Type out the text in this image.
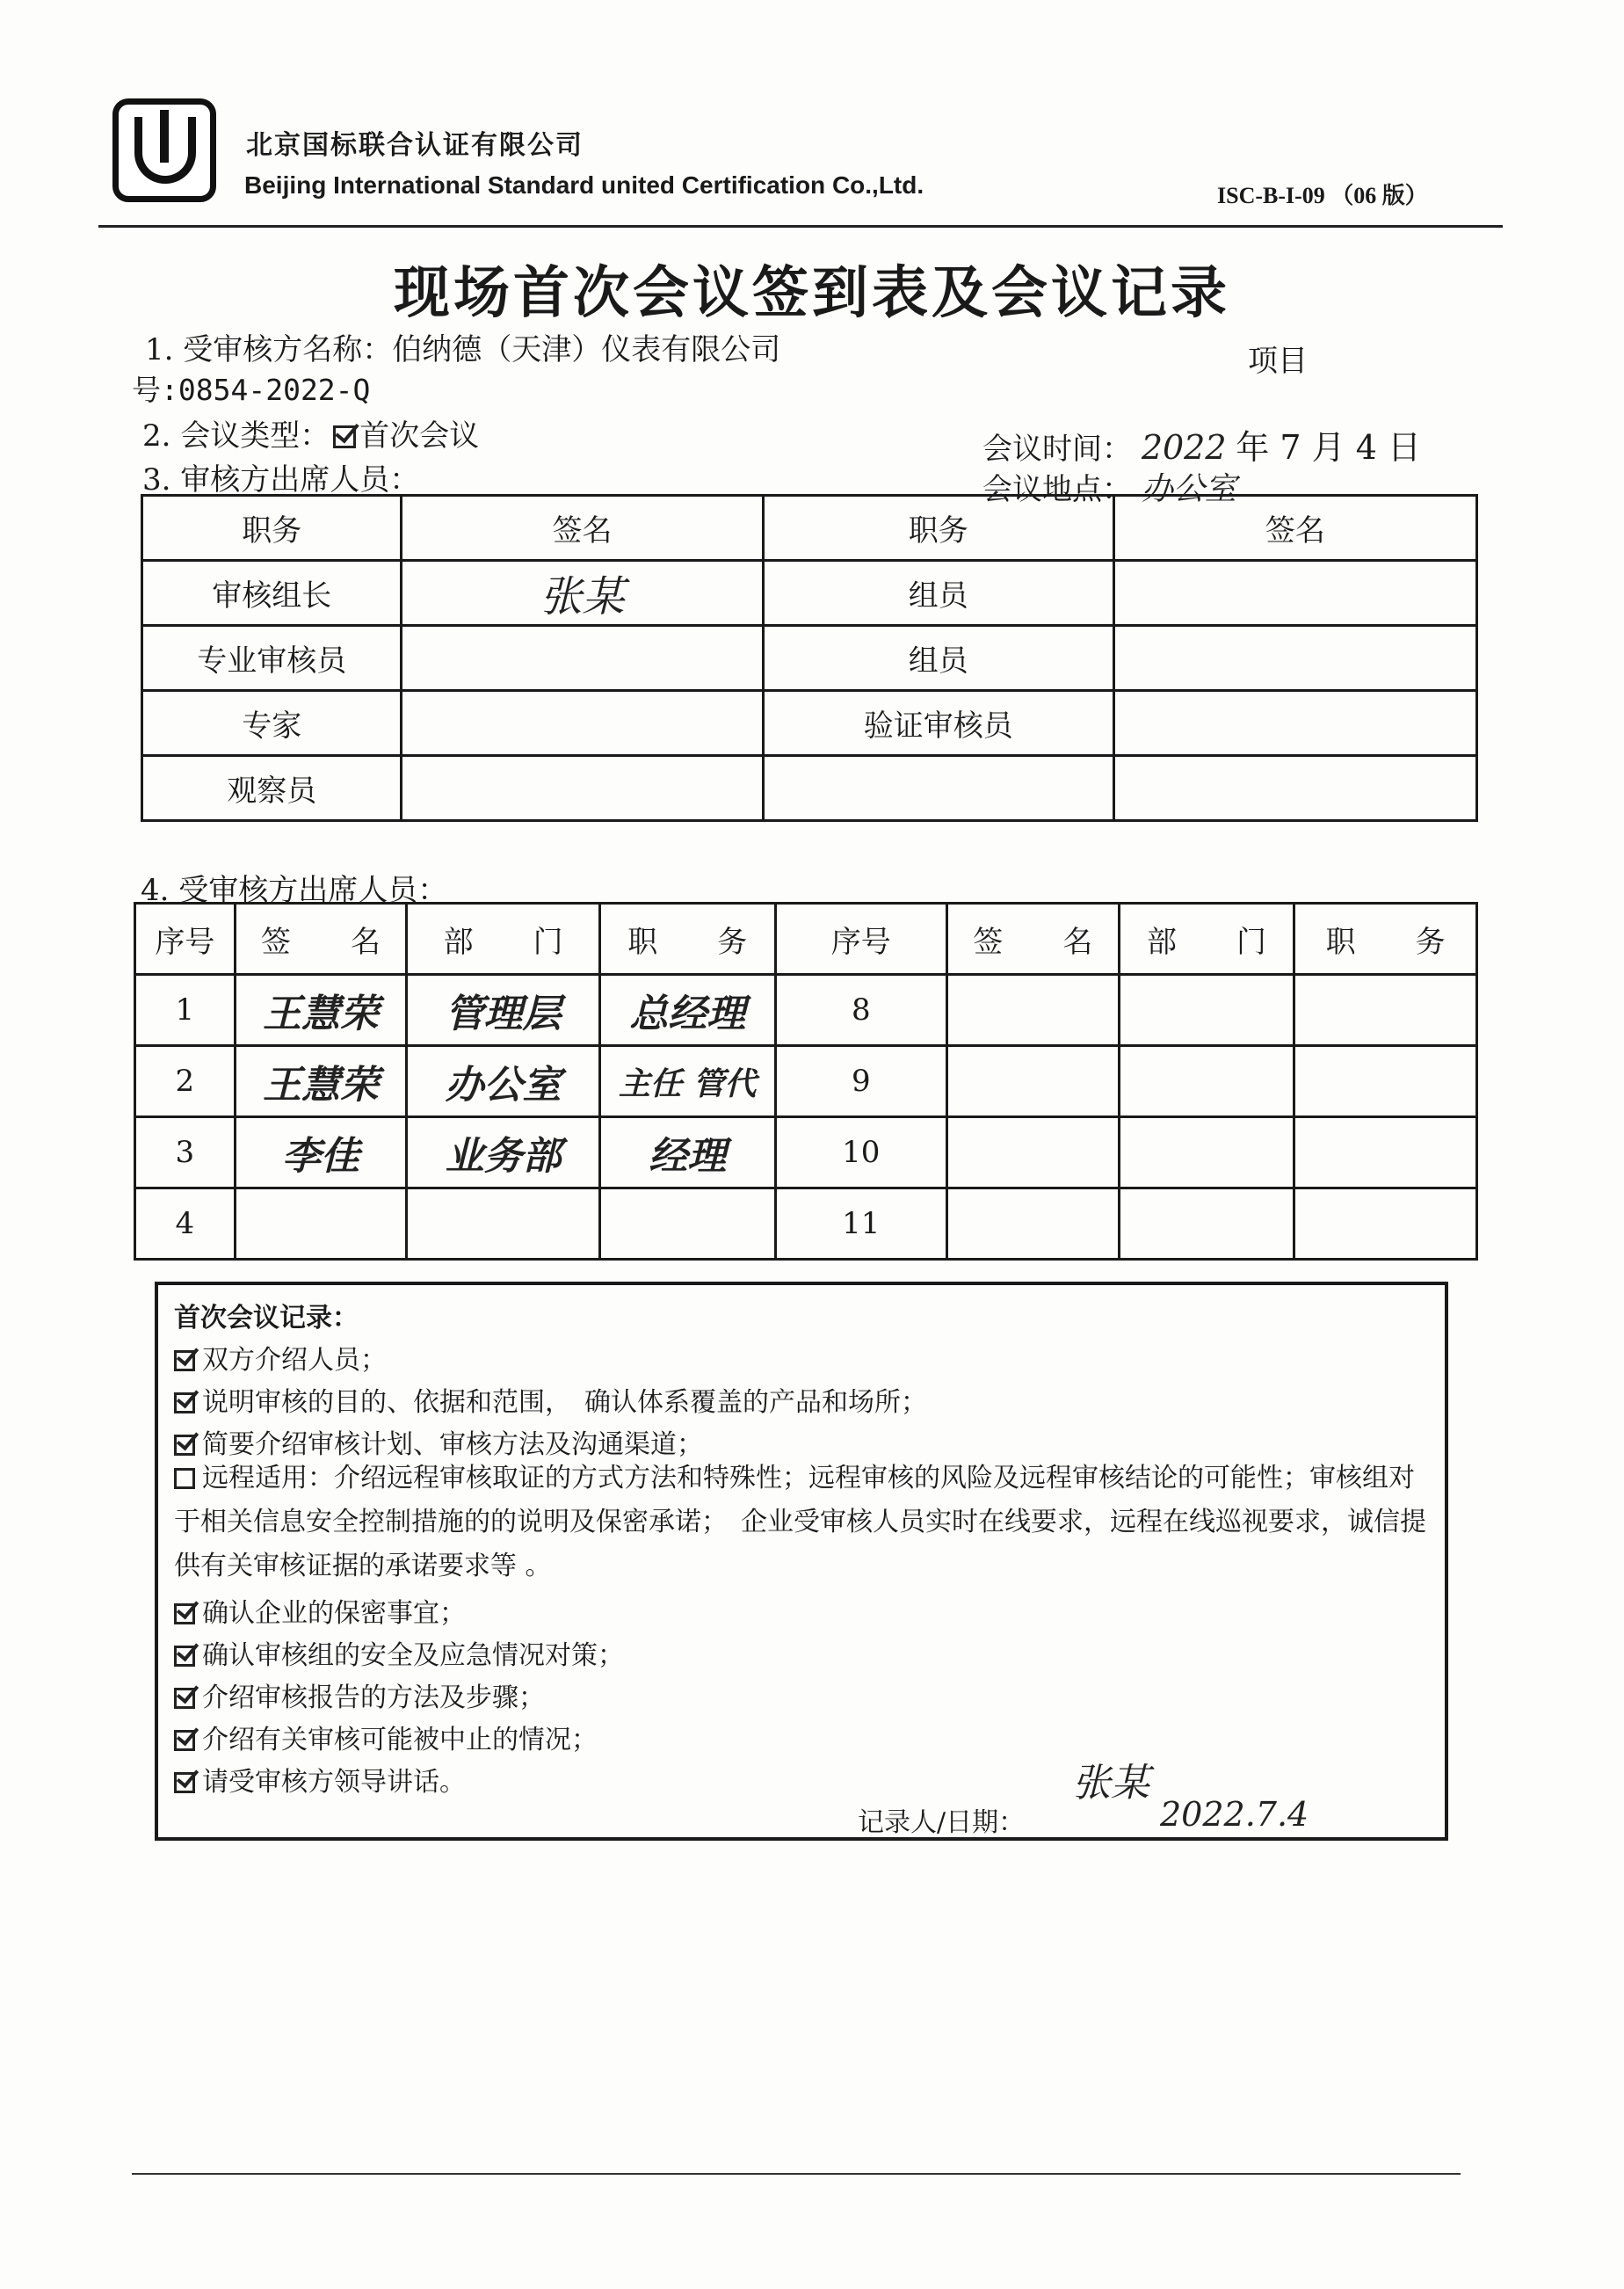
北京国标联合认证有限公司
Beijing International Standard united Certification Co.,Ltd.	ISC-B-I-09 （06 版）
现场首次会议签到表及会议记录
1. 受审核方名称：伯纳德（天津）仪表有限公司	项目
号:0854-2022-Q
2. 会议类型： 首次会议
3. 审核方出席人员：
会议时间： 2022 年 7 月 4 日
会议地点： 办公室
职务	签名	职务	签名
审核组长	张某	组员	
专业审核员		组员	
专家		验证审核员	
观察员			
4. 受审核方出席人员：
序号	签　　名	部　　门	职　　务	序号	签　　名	部　　门	职　　务
1	王慧荣	管理层	总经理	8			
2	王慧荣	办公室	主任 管代	9			
3	李佳	业务部	经理	10			
4				11			
首次会议记录：
双方介绍人员；
说明审核的目的、依据和范围，　确认体系覆盖的产品和场所；
简要介绍审核计划、审核方法及沟通渠道；
远程适用：介绍远程审核取证的方式方法和特殊性；远程审核的风险及远程审核结论的可能性；审核组对于相关信息安全控制措施的的说明及保密承诺；　企业受审核人员实时在线要求，远程在线巡视要求，诚信提供有关审核证据的承诺要求等 。
确认企业的保密事宜；
确认审核组的安全及应急情况对策；
介绍审核报告的方法及步骤；
介绍有关审核可能被中止的情况；
请受审核方领导讲话。
记录人/日期：
张某
2022.7.4
